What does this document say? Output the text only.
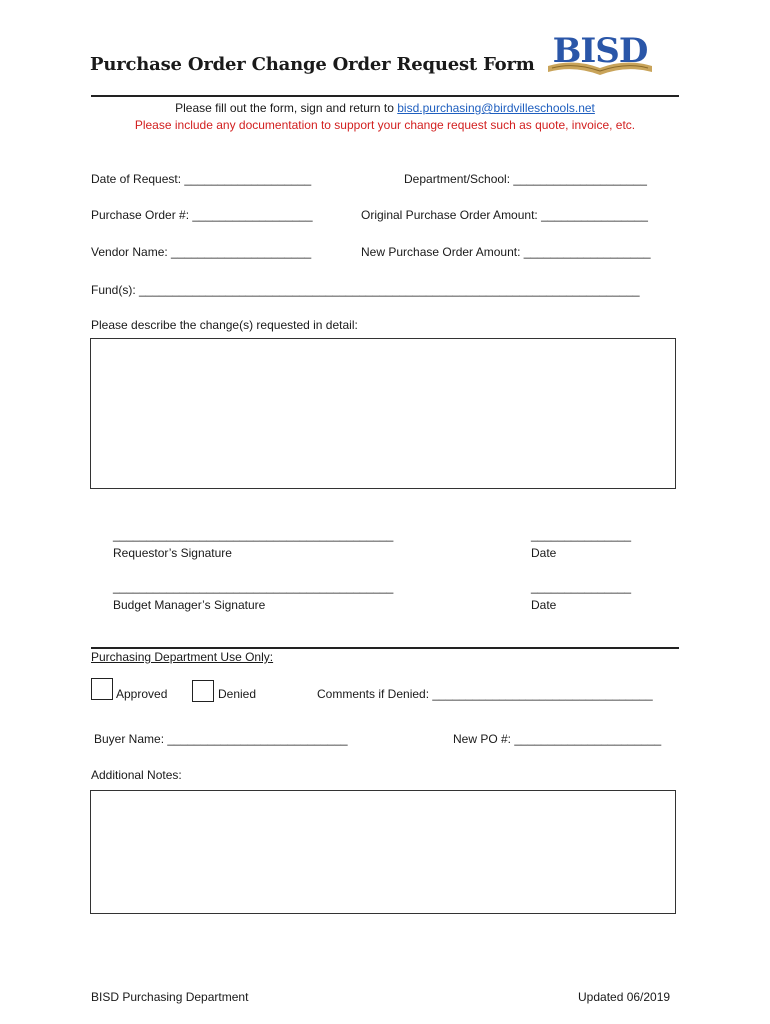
Purchase Order Change Order Request Form BISD
Please fill out the form, sign and return to bisd.purchasing@birdvilleschools.net
Please include any documentation to support your change request such as quote, invoice, etc.
Date of Request: ___________________	Department/School: ____________________
Purchase Order #: __________________	Original Purchase Order Amount: ________________
Vendor Name: _____________________	New Purchase Order Amount: ___________________
Fund(s): ___________________________________________________________________________
Please describe the change(s) requested in detail:
__________________________________________
Requestor’s Signature
_______________
Date
__________________________________________
Budget Manager’s Signature
_______________
Date
Purchasing Department Use Only:
Approved	Denied	Comments if Denied: _________________________________
Buyer Name: ___________________________	New PO #: ______________________
Additional Notes:
BISD Purchasing Department	Updated 06/2019
